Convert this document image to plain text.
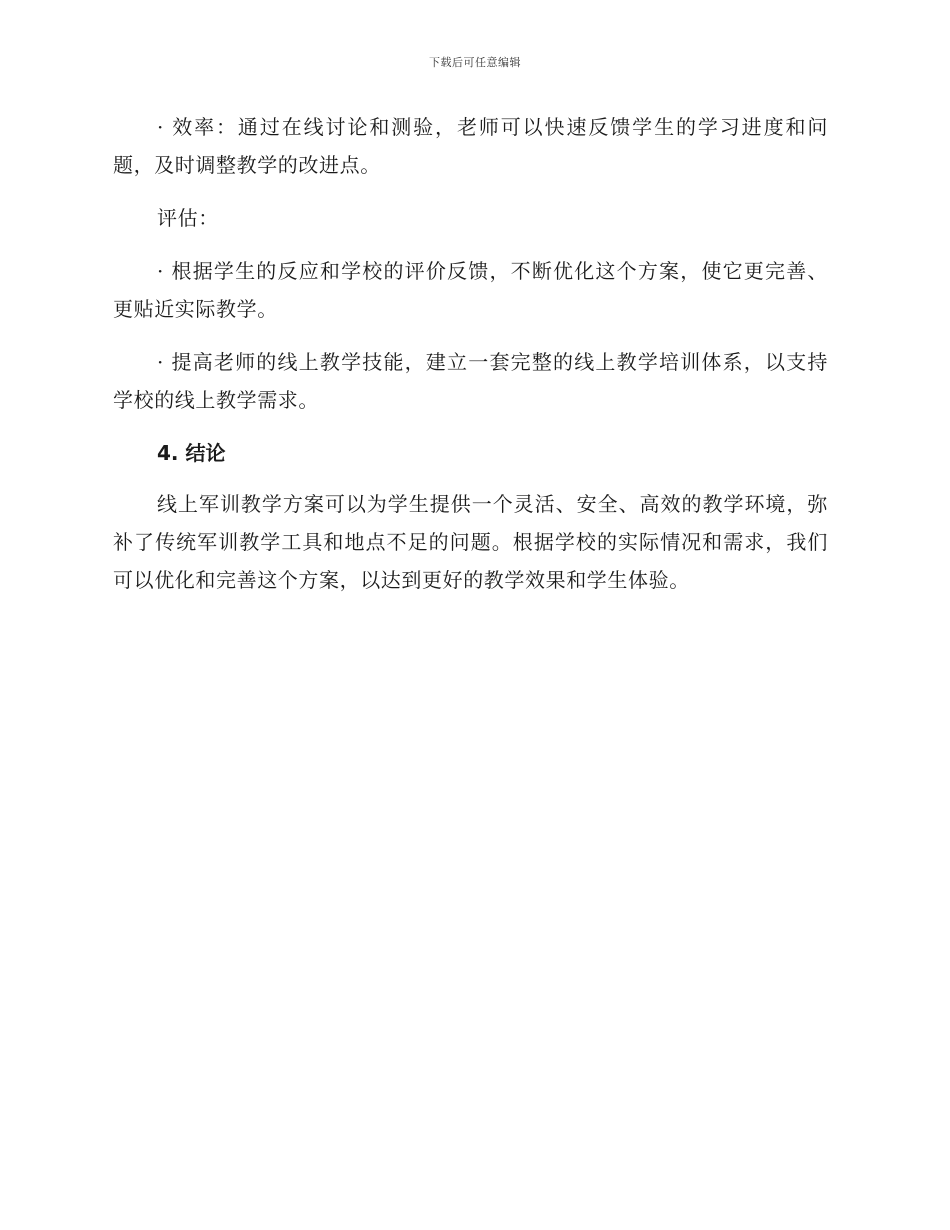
下载后可任意编辑

· 效率：通过在线讨论和测验，老师可以快速反馈学生的学习进度和问题，及时调整教学的改进点。

评估：

· 根据学生的反应和学校的评价反馈，不断优化这个方案，使它更完善、更贴近实际教学。

· 提高老师的线上教学技能，建立一套完整的线上教学培训体系，以支持学校的线上教学需求。

4. 结论

线上军训教学方案可以为学生提供一个灵活、安全、高效的教学环境，弥补了传统军训教学工具和地点不足的问题。根据学校的实际情况和需求，我们可以优化和完善这个方案，以达到更好的教学效果和学生体验。
